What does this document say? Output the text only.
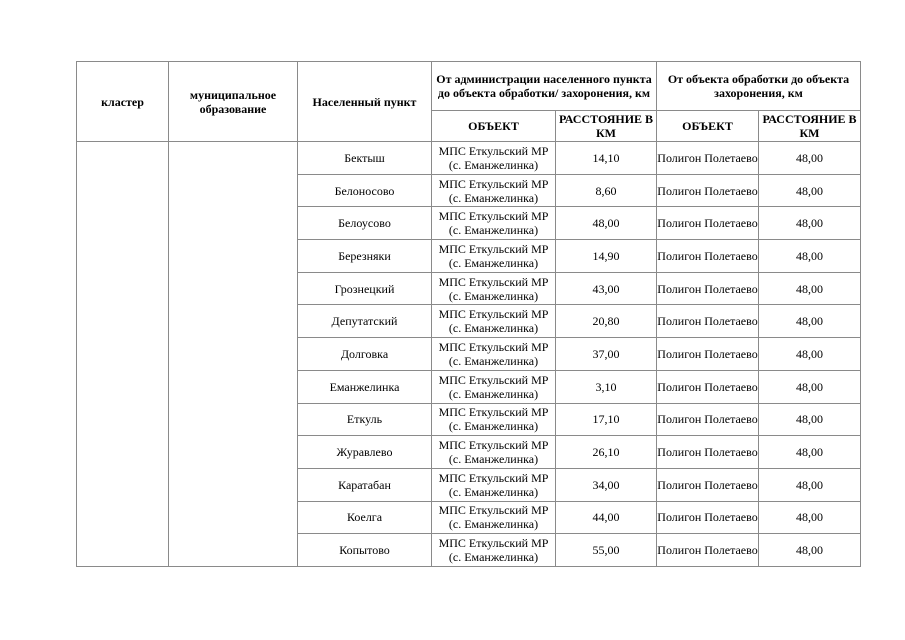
кластер	муниципальное образование	Населенный пункт	От администрации населенного пункта до объекта обработки/ захоронения, км		От объекта обработки до объекта захоронения, км	
			ОБЪЕКТ	РАССТОЯНИЕ В КМ	ОБЪЕКТ	РАССТОЯНИЕ В КМ
		Бектыш	МПС Еткульский МР (с. Еманжелинка)	14,10	Полигон Полетаево	48,00
		Белоносово	МПС Еткульский МР (с. Еманжелинка)	8,60	Полигон Полетаево	48,00
		Белоусово	МПС Еткульский МР (с. Еманжелинка)	48,00	Полигон Полетаево	48,00
		Березняки	МПС Еткульский МР (с. Еманжелинка)	14,90	Полигон Полетаево	48,00
		Грознецкий	МПС Еткульский МР (с. Еманжелинка)	43,00	Полигон Полетаево	48,00
		Депутатский	МПС Еткульский МР (с. Еманжелинка)	20,80	Полигон Полетаево	48,00
		Долговка	МПС Еткульский МР (с. Еманжелинка)	37,00	Полигон Полетаево	48,00
		Еманжелинка	МПС Еткульский МР (с. Еманжелинка)	3,10	Полигон Полетаево	48,00
		Еткуль	МПС Еткульский МР (с. Еманжелинка)	17,10	Полигон Полетаево	48,00
		Журавлево	МПС Еткульский МР (с. Еманжелинка)	26,10	Полигон Полетаево	48,00
		Каратабан	МПС Еткульский МР (с. Еманжелинка)	34,00	Полигон Полетаево	48,00
		Коелга	МПС Еткульский МР (с. Еманжелинка)	44,00	Полигон Полетаево	48,00
		Копытово	МПС Еткульский МР (с. Еманжелинка)	55,00	Полигон Полетаево	48,00
